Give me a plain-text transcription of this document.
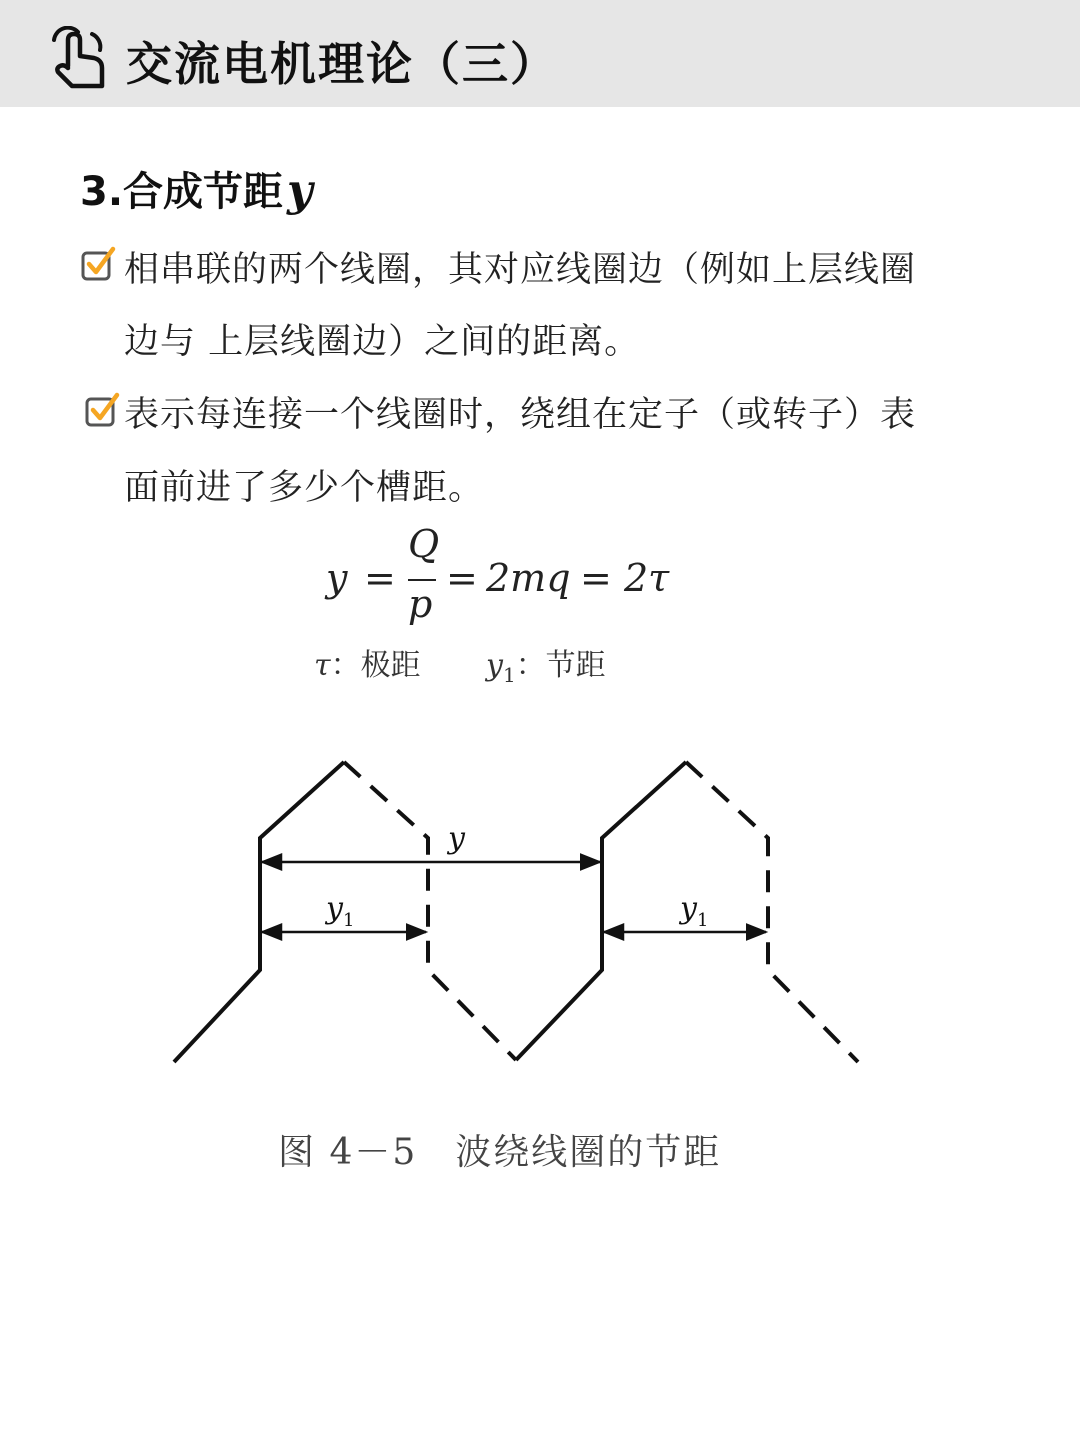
交流电机理论（三）
3.合成节距y
相串联的两个线圈，其对应线圈边（例如上层线圈
边与 上层线圈边）之间的距离。
表示每连接一个线圈时，绕组在定子（或转子）表
面前进了多少个槽距。
y =
Q
p
= 2mq = 2τ
τ：极距 $y_1$：节距
y
$y_1$	$y_1$
图 4－5　波绕线圈的节距
